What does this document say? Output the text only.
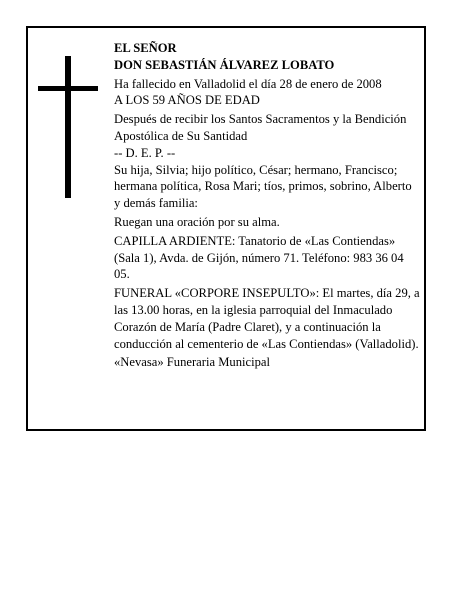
EL SEÑOR

DON SEBASTIÁN ÁLVAREZ LOBATO

Ha fallecido en Valladolid el día 28 de enero de 2008

A LOS 59 AÑOS DE EDAD

Después de recibir los Santos Sacramentos y la Bendición Apostólica de Su Santidad

-- D. E. P. --

Su hija, Silvia; hijo político, César; hermano, Francisco; hermana política, Rosa Mari; tíos, primos, sobrino, Alberto y demás familia:

Ruegan una oración por su alma.

CAPILLA ARDIENTE: Tanatorio de «Las Contiendas» (Sala 1), Avda. de Gijón, número 71. Teléfono: 983 36 04 05.

FUNERAL «CORPORE INSEPULTO»: El martes, día 29, a las 13.00 horas, en la iglesia parroquial del Inmaculado Corazón de María (Padre Claret), y a continuación la conducción al cementerio de «Las Contiendas» (Valladolid).

«Nevasa» Funeraria Municipal
